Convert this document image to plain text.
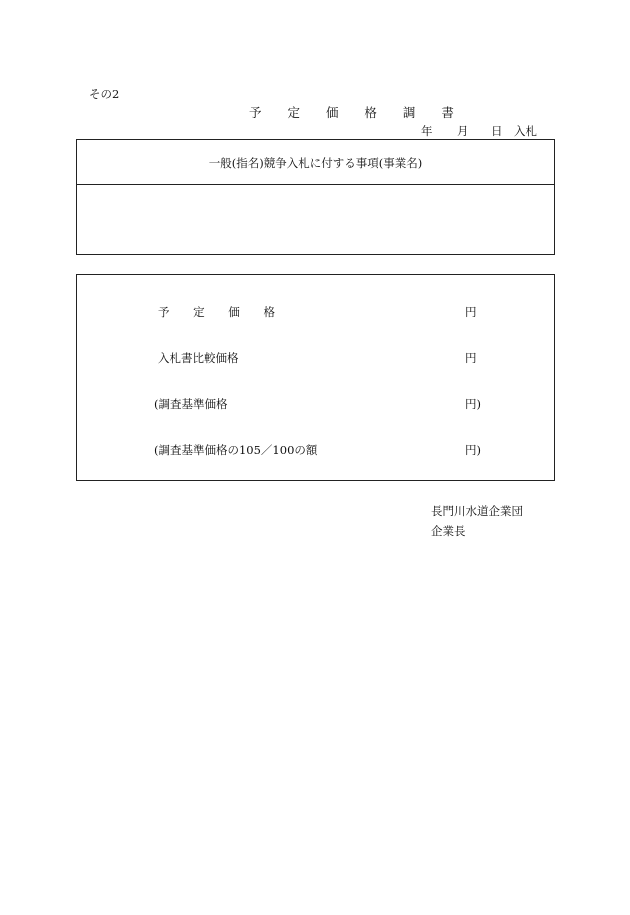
その2
予 定 価 格 調 書
年 月 日 入札
一般(指名)競争入札に付する事項(事業名)
予 定 価 格	円
入札書比較価格	円
(調査基準価格	円)
(調査基準価格の105／100の額	円)
長門川水道企業団
企業長
